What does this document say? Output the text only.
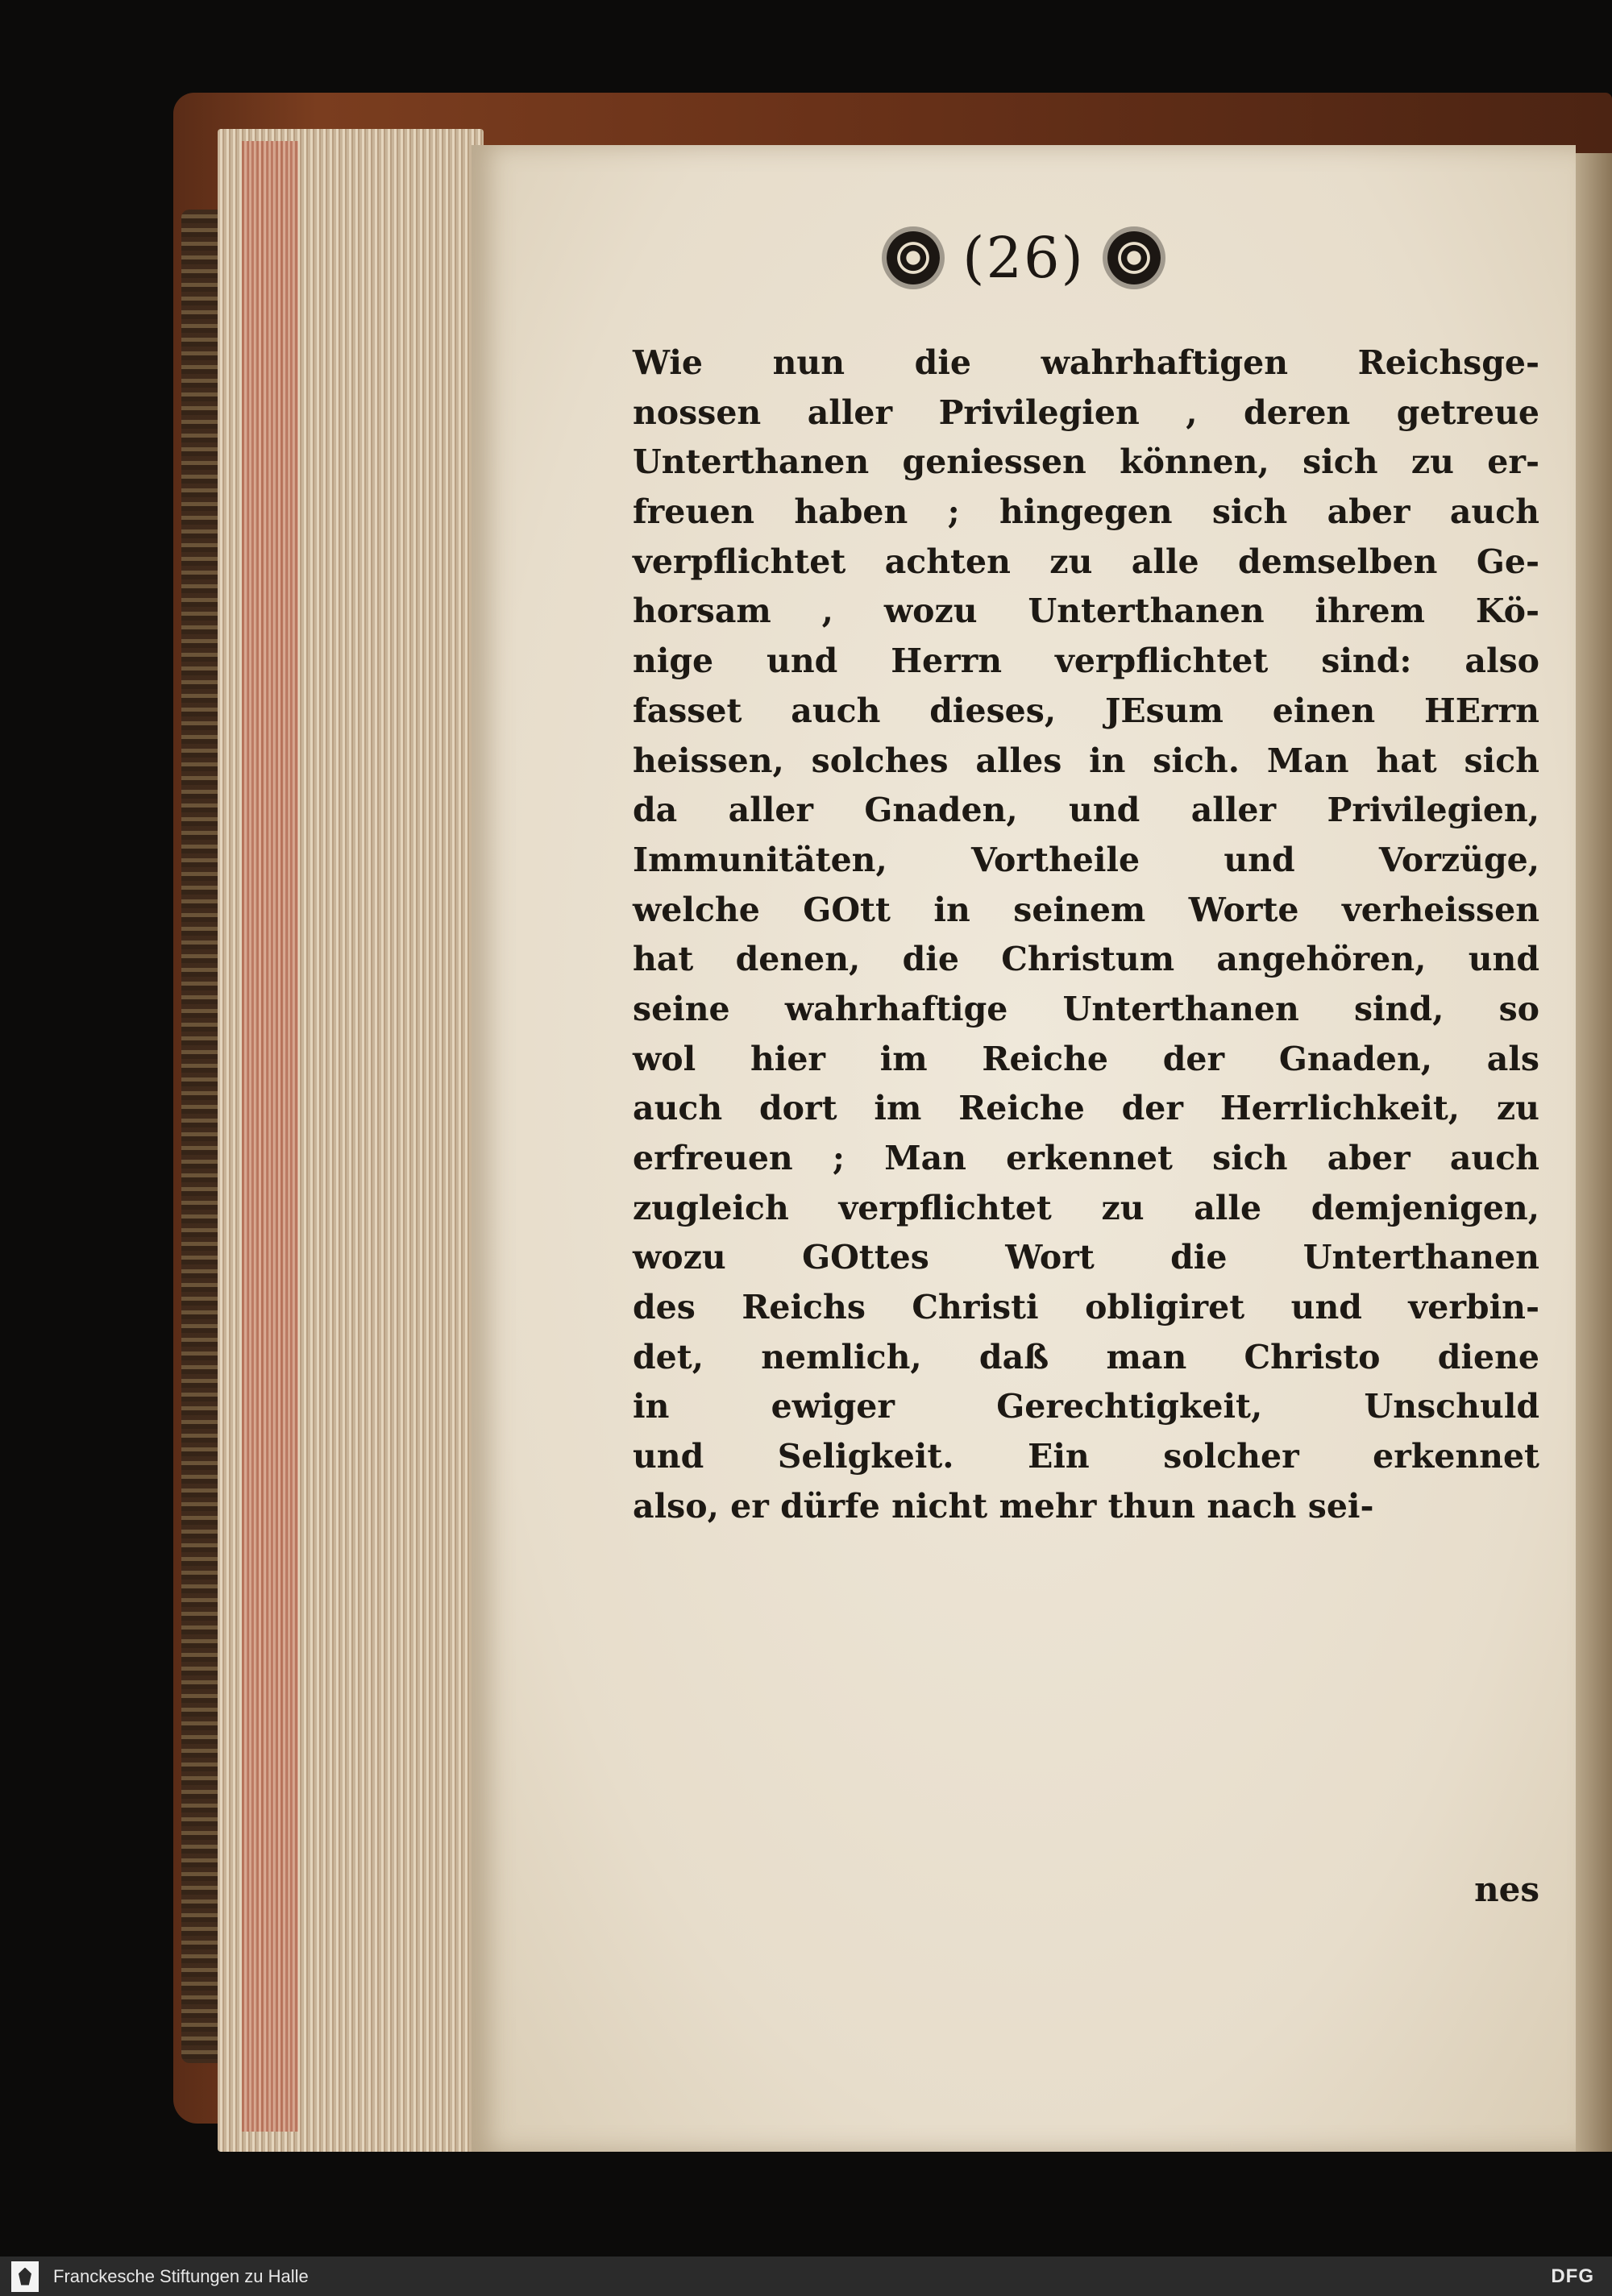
(26)
Wie nun die wahrhaftigen Reichsge-
nossen aller Privilegien , deren getreue
Unterthanen geniessen können, sich zu er-
freuen haben ; hingegen sich aber auch
verpflichtet achten zu alle demselben Ge-
horsam , wozu Unterthanen ihrem Kö-
nige und Herrn verpflichtet sind: also
fasset auch dieses, JEsum einen HErrn
heissen, solches alles in sich. Man hat sich
da aller Gnaden, und aller Privilegien,
Immunitäten, Vortheile und Vorzüge,
welche GOtt in seinem Worte verheissen
hat denen, die Christum angehören, und
seine wahrhaftige Unterthanen sind, so
wol hier im Reiche der Gnaden, als
auch dort im Reiche der Herrlichkeit, zu
erfreuen ; Man erkennet sich aber auch
zugleich verpflichtet zu alle demjenigen,
wozu GOttes Wort die Unterthanen
des Reichs Christi obligiret und verbin-
det, nemlich, daß man Christo diene
in ewiger Gerechtigkeit, Unschuld
und Seligkeit. Ein solcher erkennet
also, er dürfe nicht mehr thun nach sei-
nes
Franckesche Stiftungen zu Halle	DFG
